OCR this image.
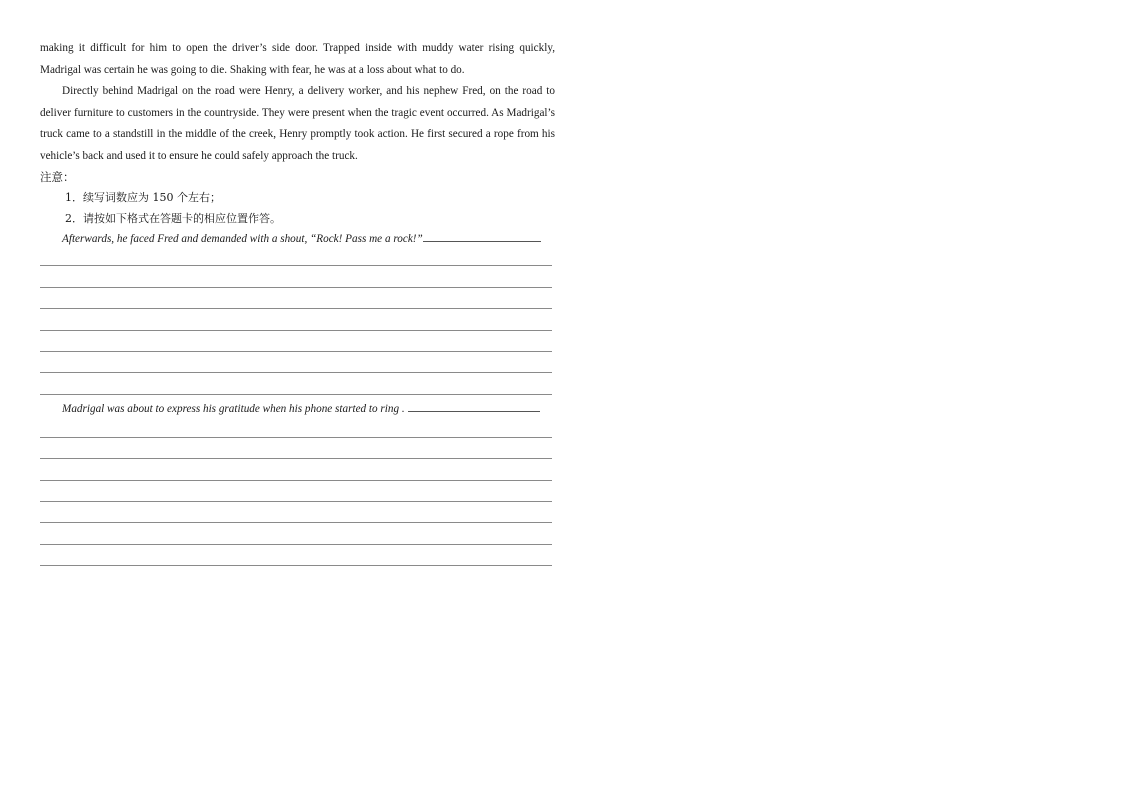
making it difficult for him to open the driver’s side door. Trapped inside with muddy water rising quickly, Madrigal was certain he was going to die. Shaking with fear, he was at a loss about what to do.

Directly behind Madrigal on the road were Henry, a delivery worker, and his nephew Fred, on the road to deliver furniture to customers in the countryside. They were present when the tragic event occurred. As Madrigal’s truck came to a standstill in the middle of the creek, Henry promptly took action. He first secured a rope from his vehicle’s back and used it to ensure he could safely approach the truck.

注意：

1．续写词数应为 150 个左右；

2．请按如下格式在答题卡的相应位置作答。

Afterwards, he faced Fred and demanded with a shout, “Rock! Pass me a rock!”

Madrigal was about to express his gratitude when his phone started to ring .
